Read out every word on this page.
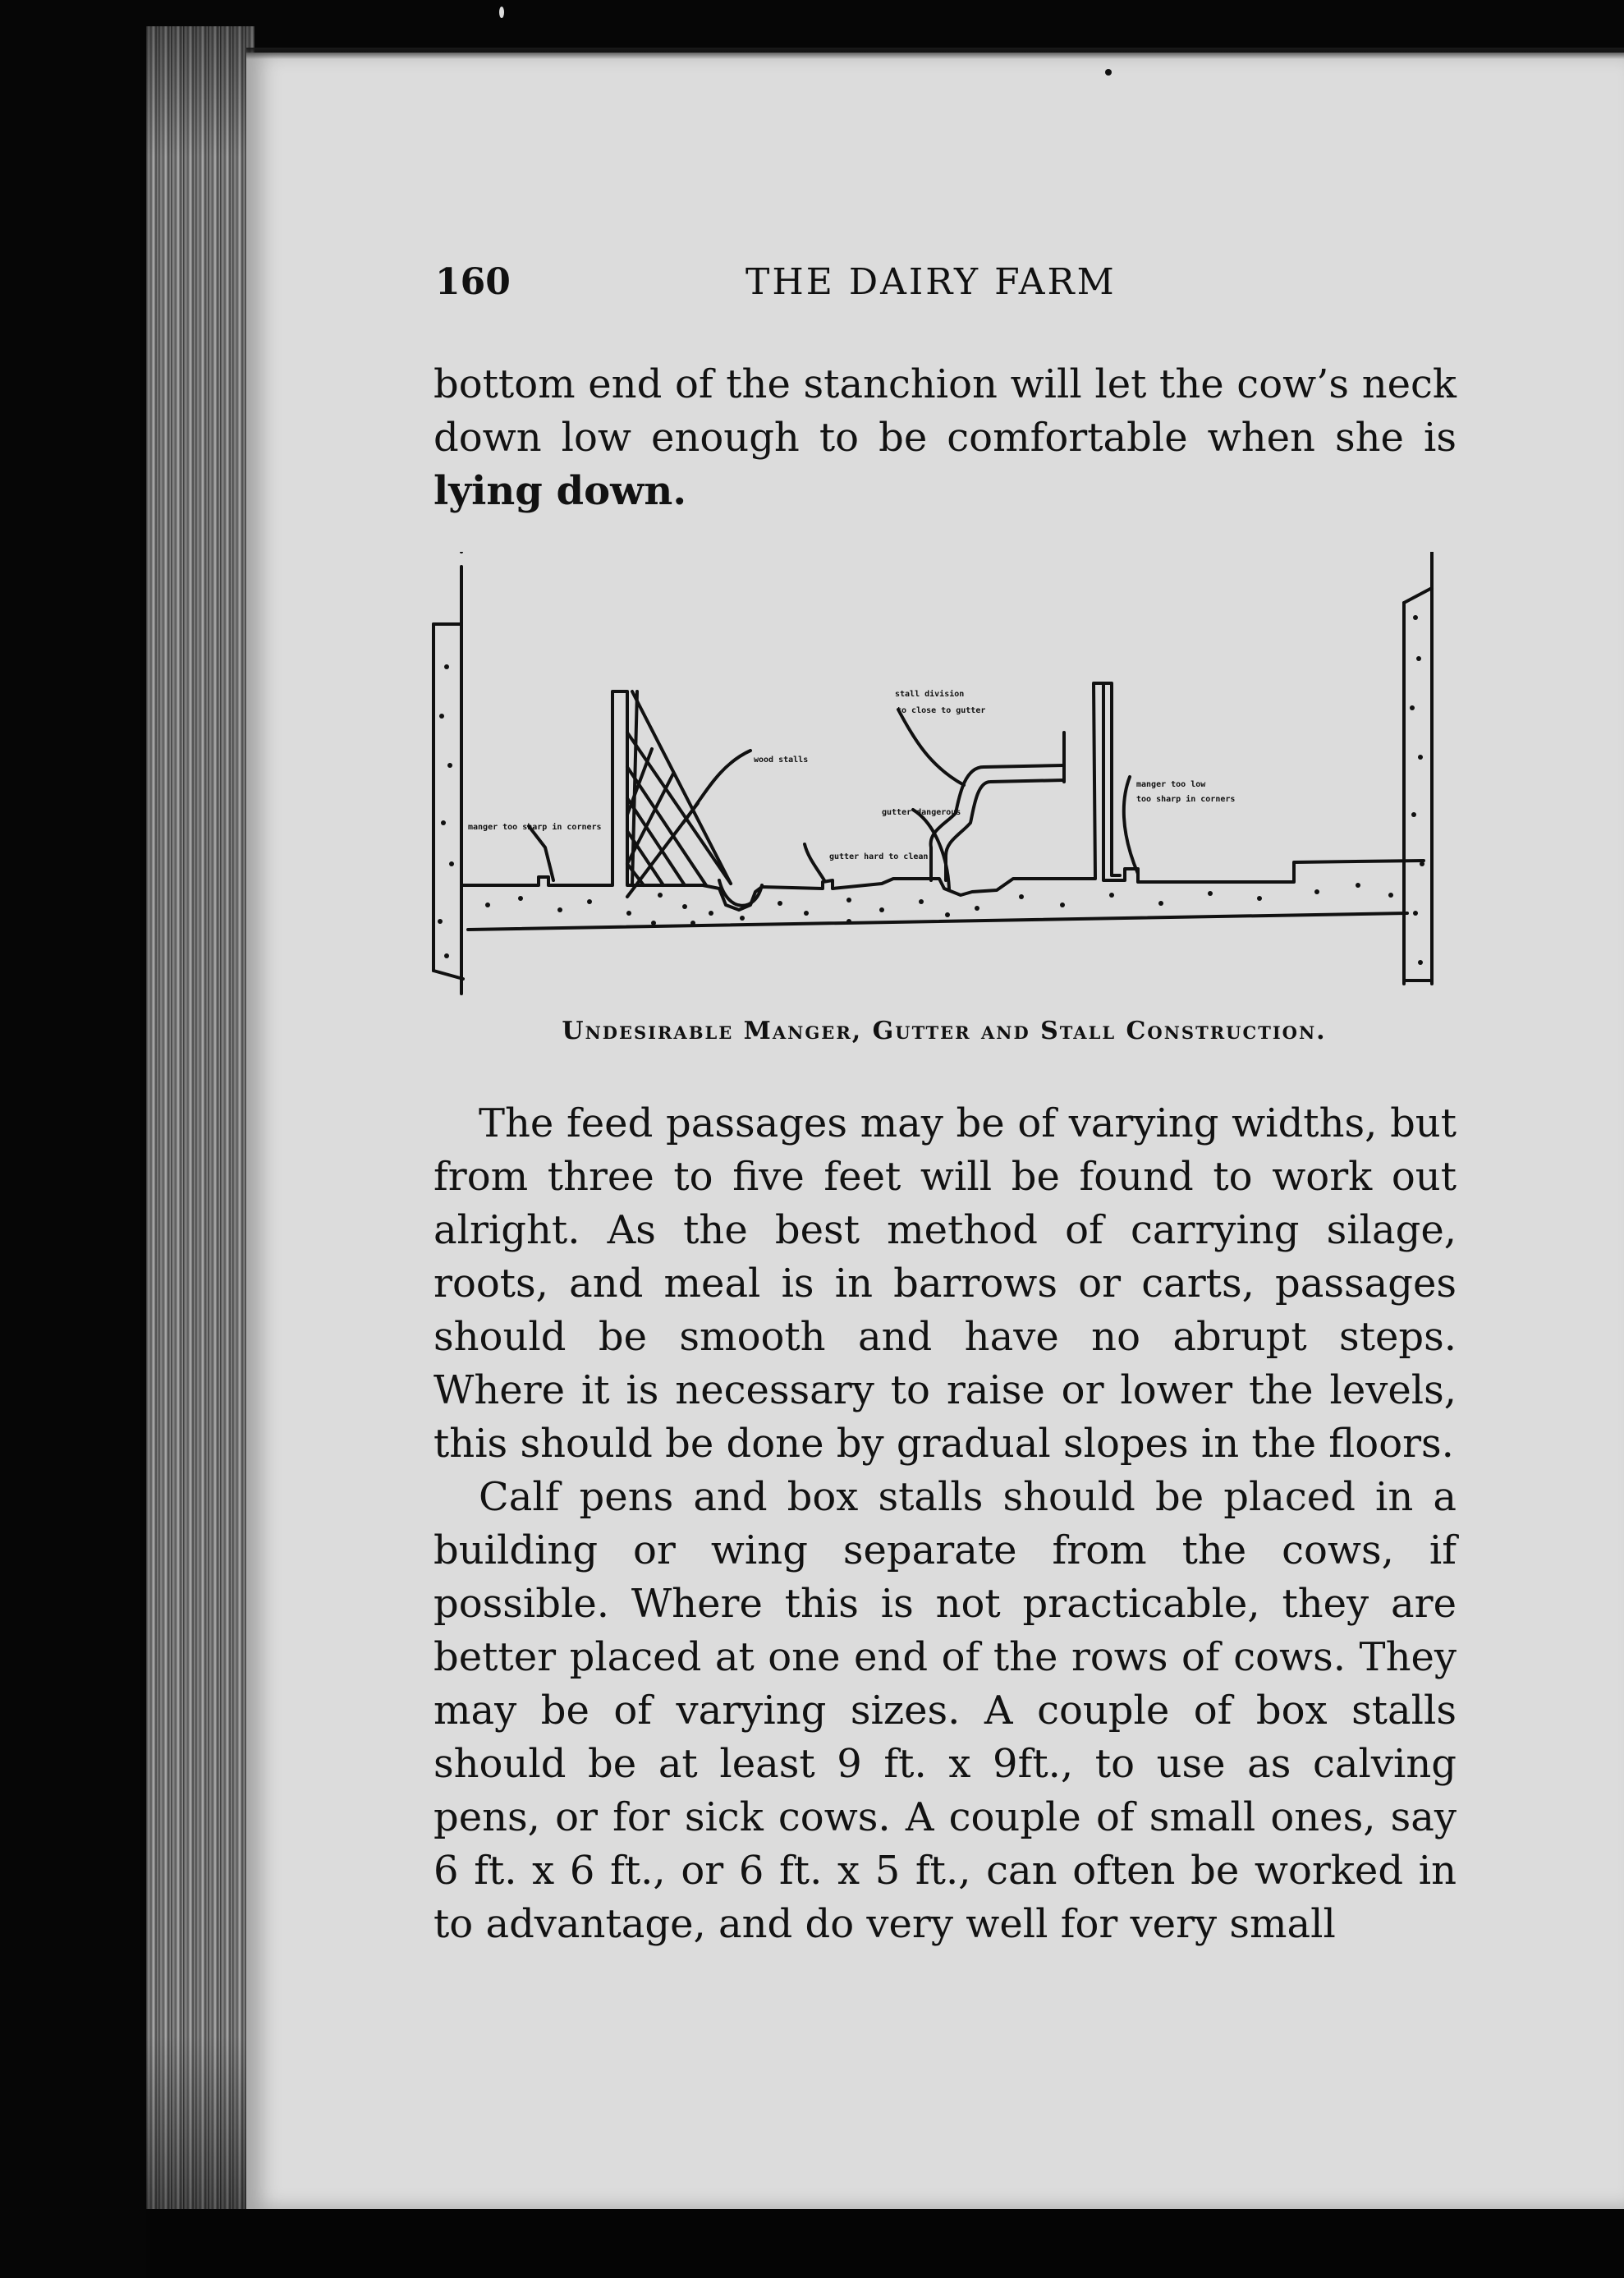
160	THE DAIRY FARM

bottom end of the stanchion will let the cow’s neck down low enough to be comfortable when she is lying down.

manger too sharp in corners
wood stalls
gutter hard to clean
stall division
to close to gutter
gutter dangerous
manger too low
too sharp in corners
Undesirable Manger, Gutter and Stall Construction.

The feed passages may be of varying widths, but from three to five feet will be found to work out alright. As the best method of carrying silage, roots, and meal is in barrows or carts, passages should be smooth and have no abrupt steps. Where it is necessary to raise or lower the levels, this should be done by gradual slopes in the floors.

Calf pens and box stalls should be placed in a building or wing separate from the cows, if possible. Where this is not practicable, they are better placed at one end of the rows of cows. They may be of varying sizes. A couple of box stalls should be at least 9 ft. x 9ft., to use as calving pens, or for sick cows. A couple of small ones, say 6 ft. x 6 ft., or 6 ft. x 5 ft., can often be worked in to advantage, and do very well for very small
